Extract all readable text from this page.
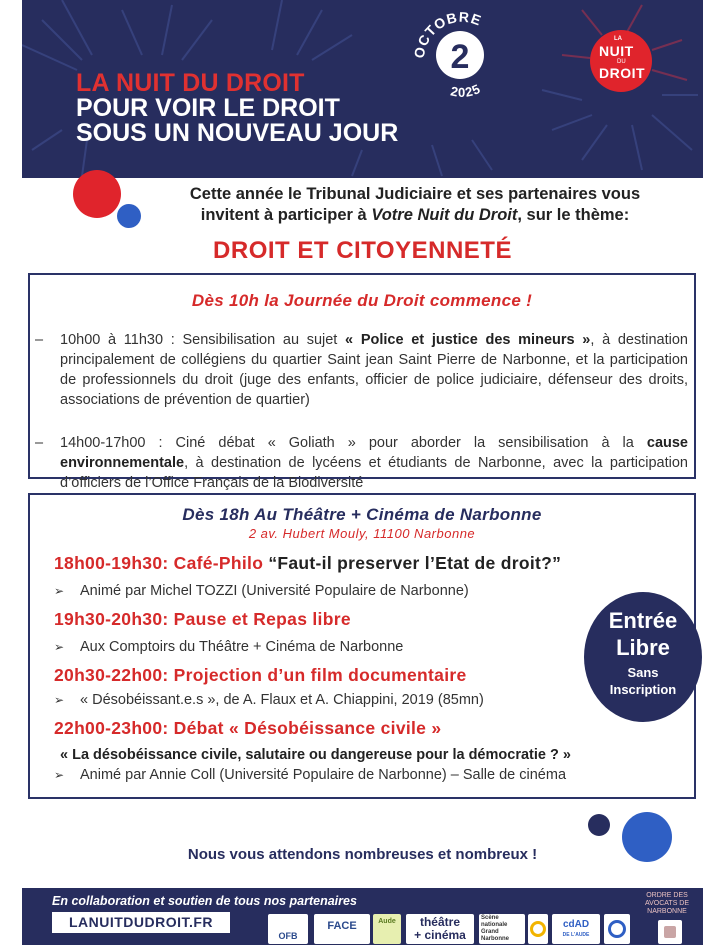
LA NUIT DU DROIT
POUR VOIR LE DROIT
SOUS UN NOUVEAU JOUR
2
OCTOBRE
2025
LA
NUIT
DU
DROIT
Cette année le Tribunal Judiciaire et ses partenaires vous
invitent à participer à Votre Nuit du Droit, sur le thème:
DROIT ET CITOYENNETÉ
Dès 10h la Journée du Droit commence !
– 10h00 à 11h30 : Sensibilisation au sujet « Police et justice des mineurs », à destination principalement de collégiens du quartier Saint jean Saint Pierre de Narbonne, et la participation de professionnels du droit (juge des enfants, officier de police judiciaire, défenseur des droits, associations de prévention de quartier)
– 14h00-17h00 : Ciné débat « Goliath » pour aborder la sensibilisation à la cause environnementale, à destination de lycéens et étudiants de Narbonne, avec la participation d’officiers de l’Office Français de la Biodiversité
Dès 18h Au Théâtre + Cinéma de Narbonne
2 av. Hubert Mouly, 11100 Narbonne
18h00-19h30: Café-Philo “Faut-il preserver l’Etat de droit?”
➢ Animé par Michel TOZZI (Université Populaire de Narbonne)
19h30-20h30: Pause et Repas libre
➢ Aux Comptoirs du Théâtre + Cinéma de Narbonne
20h30-22h00: Projection d’un film documentaire
➢ « Désobéissant.e.s », de A. Flaux et A. Chiappini, 2019 (85mn)
22h00-23h00: Débat « Désobéissance civile »
« La désobéissance civile, salutaire ou dangereuse pour la démocratie ? »
➢ Animé par Annie Coll (Université Populaire de Narbonne) – Salle de cinéma
Entrée
Libre
Sans
Inscription
Nous vous attendons nombreuses et nombreux !
En collaboration et soutien de tous nos partenaires
LANUITDUDROIT.FR
OFB
FACE	Aude	théâtre
+ cinéma
Scène
nationale
Grand
Narbonne
cdAD
DE L'AUDE
ORDRE DES AVOCATS DE NARBONNE
